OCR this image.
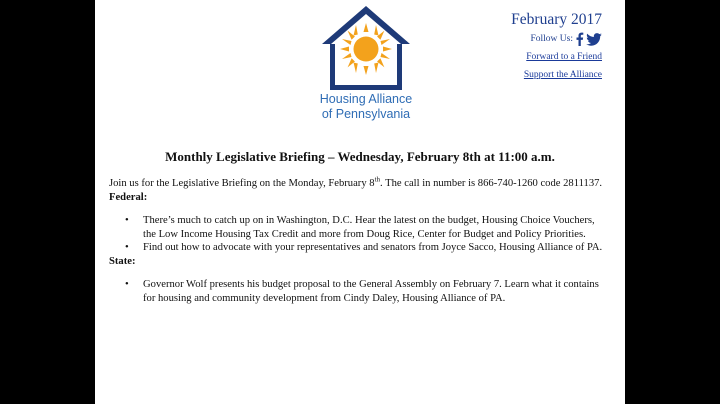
Housing Alliance
of Pennsylvania
February 2017
Follow Us:
Forward to a Friend
Support the Alliance
Monthly Legislative Briefing – Wednesday, February 8th at 11:00 a.m.

Join us for the Legislative Briefing on the Monday, February 8th. The call in number is 866-740-1260 code 2811137.

Federal:

• There’s much to catch up on in Washington, D.C. Hear the latest on the budget, Housing Choice Vouchers, the Low Income Housing Tax Credit and more from Doug Rice, Center for Budget and Policy Priorities.
• Find out how to advocate with your representatives and senators from Joyce Sacco, Housing Alliance of PA.

State:

• Governor Wolf presents his budget proposal to the General Assembly on February 7. Learn what it contains for housing and community development from Cindy Daley, Housing Alliance of PA.
